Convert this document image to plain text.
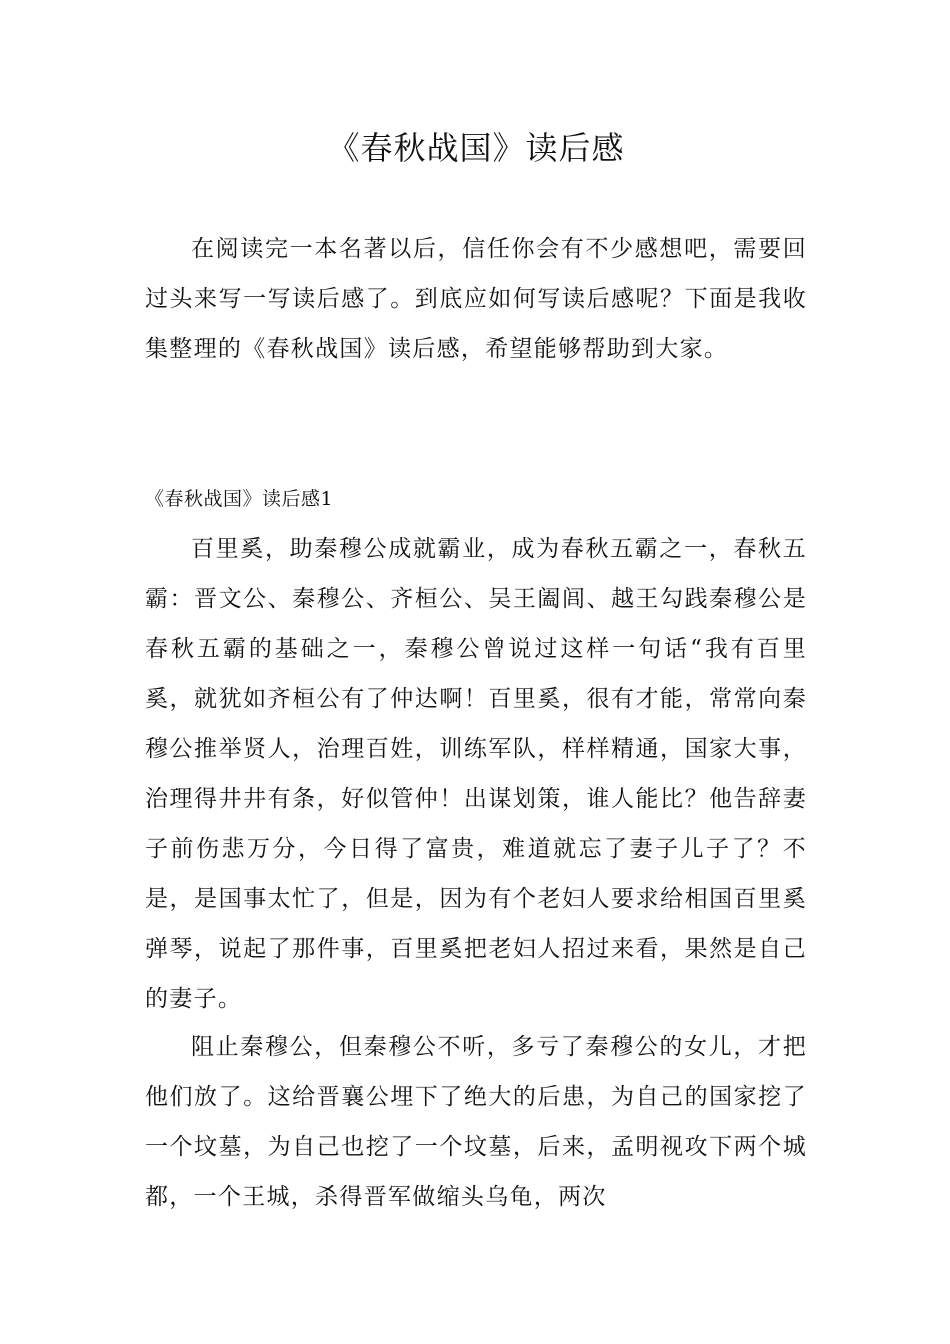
《春秋战国》读后感

在阅读完一本名著以后，信任你会有不少感想吧，需要回过头来写一写读后感了。到底应如何写读后感呢？下面是我收集整理的《春秋战国》读后感，希望能够帮助到大家。

《春秋战国》读后感1

百里奚，助秦穆公成就霸业，成为春秋五霸之一，春秋五霸：晋文公、秦穆公、齐桓公、吴王阖闾、越王勾践秦穆公是春秋五霸的基础之一，秦穆公曾说过这样一句话“我有百里奚，就犹如齐桓公有了仲达啊！百里奚，很有才能，常常向秦穆公推举贤人，治理百姓，训练军队，样样精通，国家大事，治理得井井有条，好似管仲！出谋划策，谁人能比？他告辞妻子前伤悲万分，今日得了富贵，难道就忘了妻子儿子了？不是，是国事太忙了，但是，因为有个老妇人要求给相国百里奚弹琴，说起了那件事，百里奚把老妇人招过来看，果然是自己的妻子。

阻止秦穆公，但秦穆公不听，多亏了秦穆公的女儿，才把他们放了。这给晋襄公埋下了绝大的后患，为自己的国家挖了一个坟墓，为自己也挖了一个坟墓，后来，孟明视攻下两个城都，一个王城，杀得晋军做缩头乌龟，两次
